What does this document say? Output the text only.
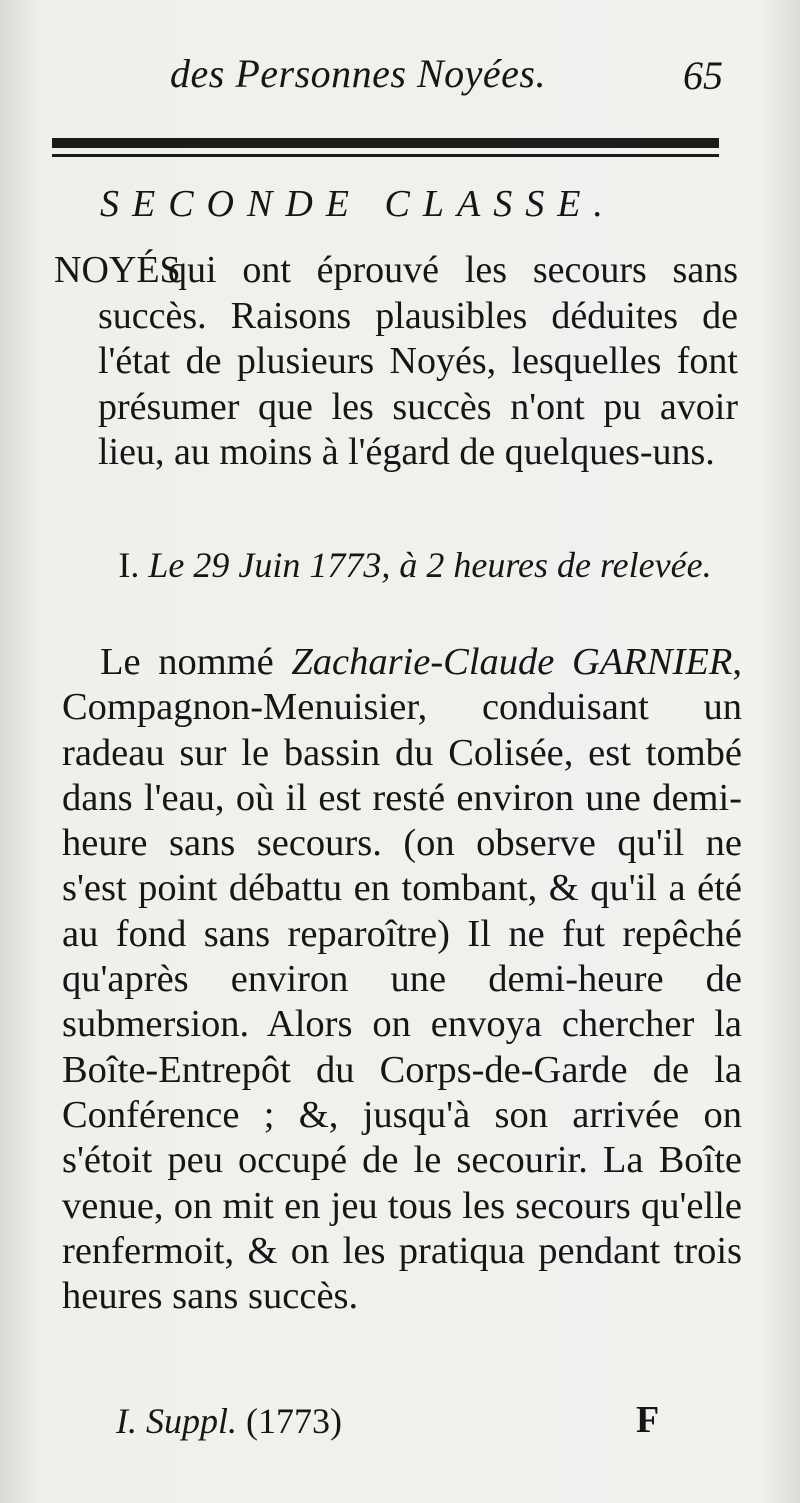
des Personnes Noyées.	65
SECONDE CLASSE.
NOYÉS
qui ont éprouvé les secours sans succès. Raisons plausibles déduites de l'état de plusieurs Noyés, lesquelles font présumer que les succès n'ont pu avoir lieu, au moins à l'égard de quelques-uns.
I. Le 29 Juin 1773, à 2 heures de relevée.
Le nommé Zacharie-Claude GARNIER, Compagnon-Menuisier, conduisant un radeau sur le bassin du Colisée, est tombé dans l'eau, où il est resté environ une demi-heure sans secours. (on observe qu'il ne s'est point débattu en tombant, & qu'il a été au fond sans reparoître) Il ne fut repêché qu'après environ une demi-heure de submersion. Alors on envoya chercher la Boîte-Entrepôt du Corps-de-Garde de la Conférence ; &, jusqu'à son arrivée on s'étoit peu occupé de le secourir. La Boîte venue, on mit en jeu tous les secours qu'elle renfermoit, & on les pratiqua pendant trois heures sans succès.
I. Suppl. (1773)	F
